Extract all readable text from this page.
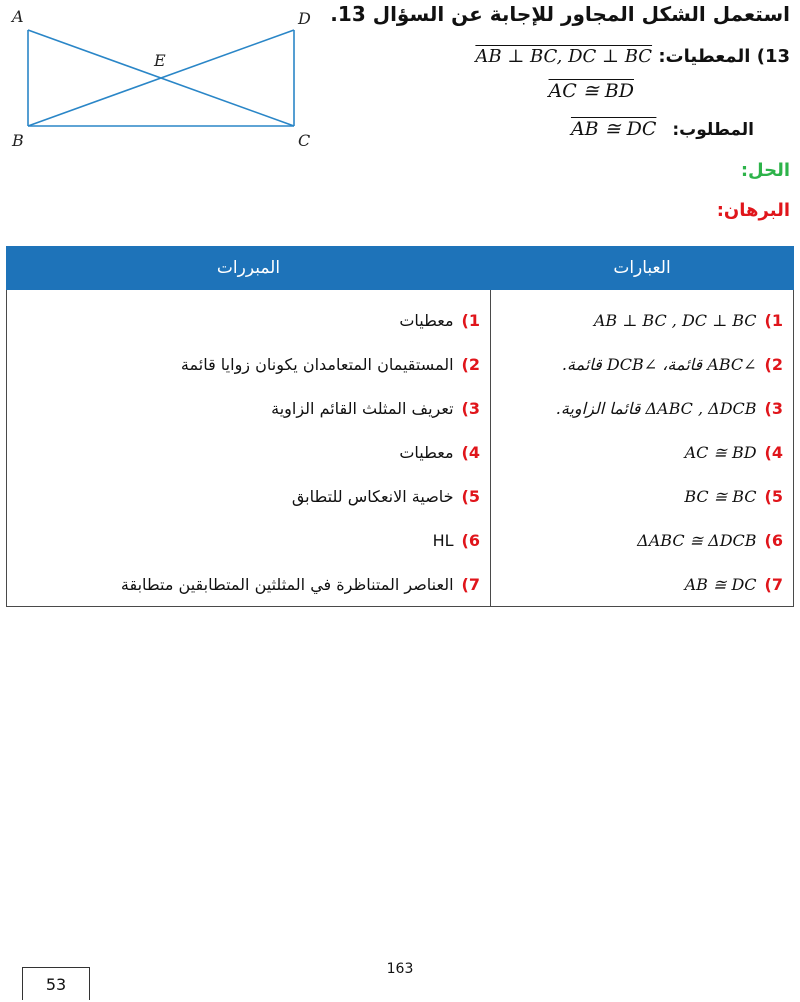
A	D
E
B	C
استعمل الشكل المجاور للإجابة عن السؤال 13.
13) المعطيات: AB ⊥ BC, DC ⊥ BC
AC ≅ BD
المطلوب: AB ≅ DC
الحل:
البرهان:
العبارات	المبررات
1)AB ⊥ BC , DC ⊥ BC	1)معطيات
2)∠ABC قائمة، ∠DCB قائمة.	2)المستقيمان المتعامدان يكونان زوايا قائمة
3)ΔABC , ΔDCB قائما الزاوية.	3)تعريف المثلث القائم الزاوية
4)AC ≅ BD	4)معطيات
5)BC ≅ BC	5)خاصية الانعكاس للتطابق
6)ΔABC ≅ ΔDCB	6)HL
7)AB ≅ DC	7)العناصر المتناظرة في المثلثين المتطابقين متطابقة
163
53
